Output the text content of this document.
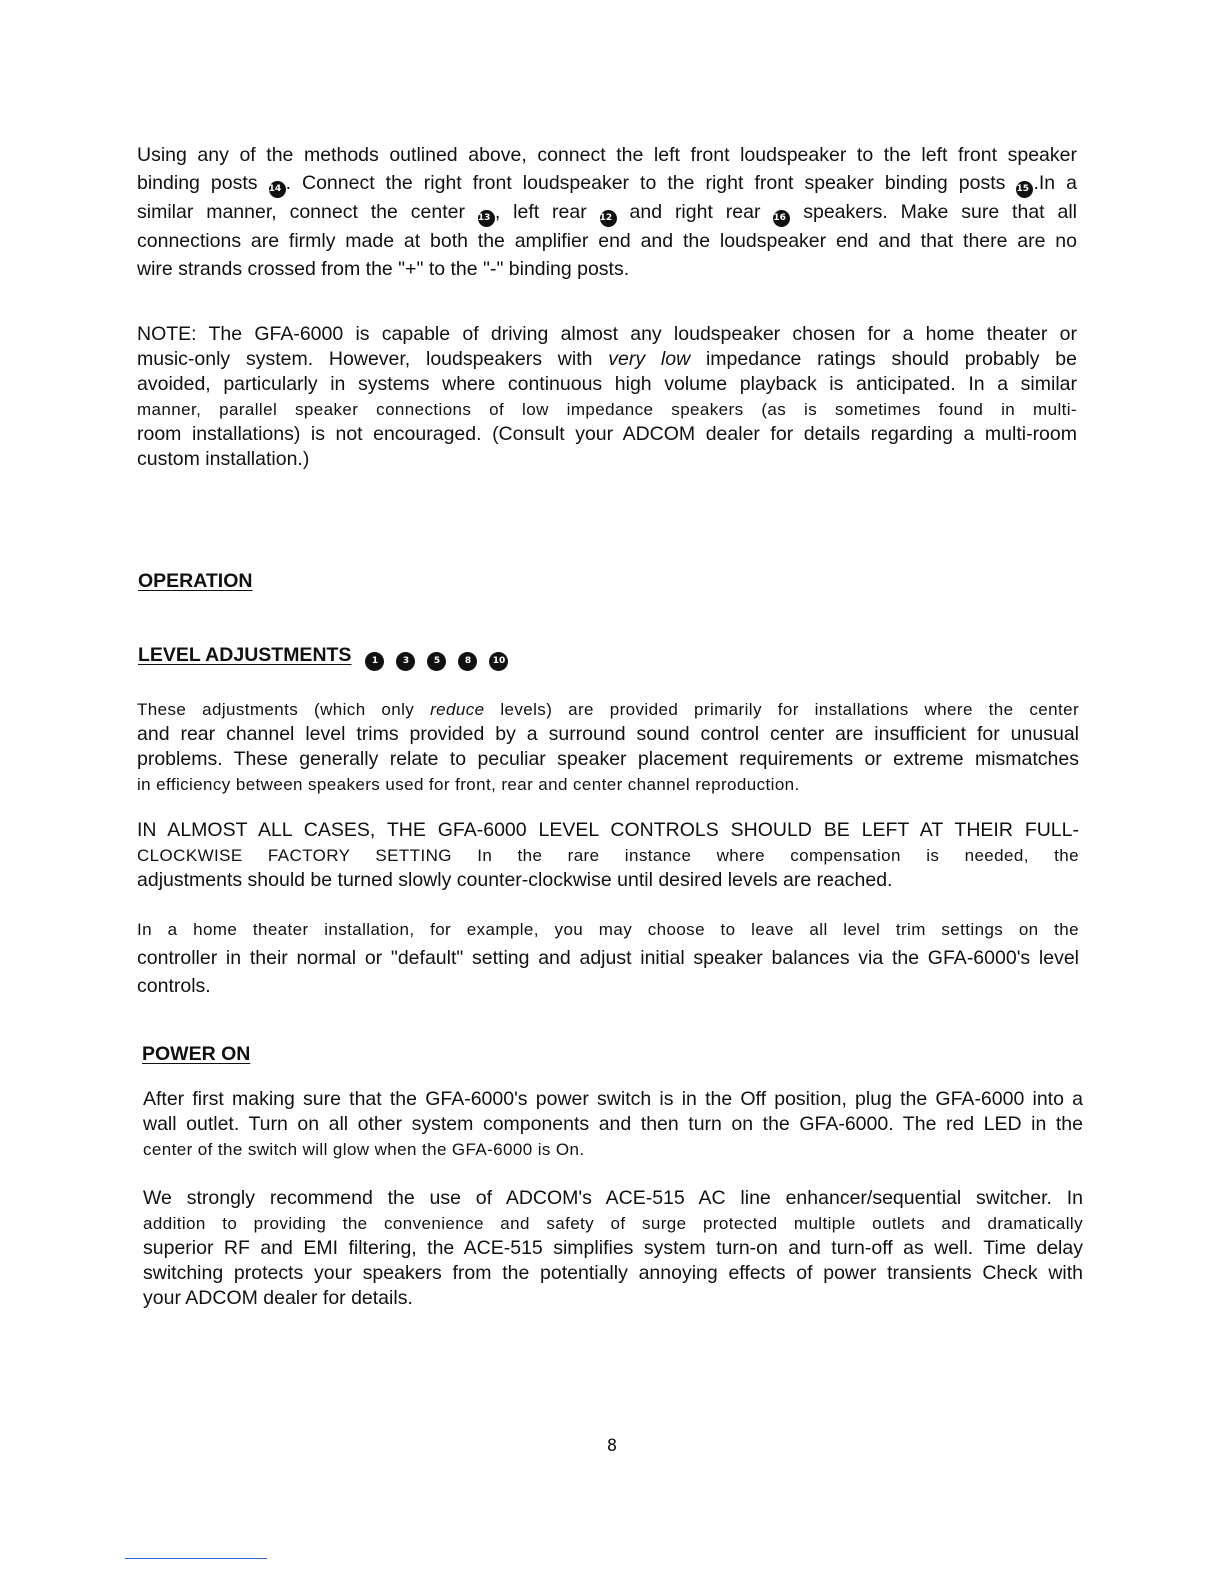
Using any of the methods outlined above, connect the left front loudspeaker to the left front speaker
binding posts 14 . Connect the right front loudspeaker to the right front speaker binding posts 15 .In a
similar manner, connect the center 13 , left rear 12 and right rear 16 speakers. Make sure that all
connections are firmly made at both the amplifier end and the loudspeaker end and that there are no
wire strands crossed from the "+" to the "-" binding posts.
NOTE: The GFA-6000 is capable of driving almost any loudspeaker chosen for a home theater or
music-only system. However, loudspeakers with very low impedance ratings should probably be
avoided, particularly in systems where continuous high volume playback is anticipated. In a similar
manner, parallel speaker connections of low impedance speakers (as is sometimes found in multi-
room installations) is not encouraged. (Consult your ADCOM dealer for details regarding a multi-room
custom installation.)
OPERATION
LEVEL ADJUSTMENTS 1	3	5	8 10
These adjustments (which only reduce levels) are provided primarily for installations where the center
and rear channel level trims provided by a surround sound control center are insufficient for unusual
problems. These generally relate to peculiar speaker placement requirements or extreme mismatches
in efficiency between speakers used for front, rear and center channel reproduction.
IN ALMOST ALL CASES, THE GFA-6000 LEVEL CONTROLS SHOULD BE LEFT AT THEIR FULL-
CLOCKWISE FACTORY SETTING In the rare instance where compensation is needed, the
adjustments should be turned slowly counter-clockwise until desired levels are reached.
In a home theater installation, for example, you may choose to leave all level trim settings on the
controller in their normal or "default" setting and adjust initial speaker balances via the GFA-6000's level
controls.
POWER ON
After first making sure that the GFA-6000's power switch is in the Off position, plug the GFA-6000 into a
wall outlet. Turn on all other system components and then turn on the GFA-6000. The red LED in the
center of the switch will glow when the GFA-6000 is On.
We strongly recommend the use of ADCOM's ACE-515 AC line enhancer/sequential switcher. In
addition to providing the convenience and safety of surge protected multiple outlets and dramatically
superior RF and EMI filtering, the ACE-515 simplifies system turn-on and turn-off as well. Time delay
switching protects your speakers from the potentially annoying effects of power transients Check with
your ADCOM dealer for details.
8
